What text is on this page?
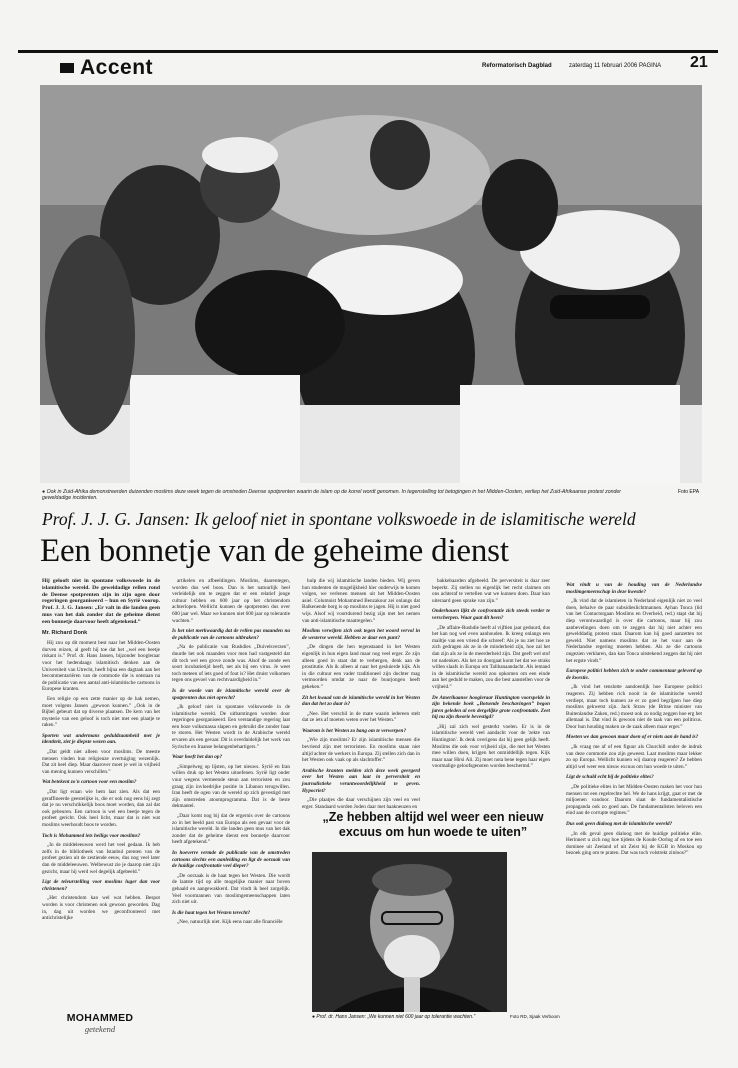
Accent	Reformatorisch Dagblad	zaterdag 11 februari 2006 PAGINA 21
● Ook in Zuid-Afrika demonstreerden duizenden moslims deze week tegen de omstreden Deense spotprenten waarin de islam op de korrel wordt genomen. In tegenstelling tot betogingen in het Midden-Oosten, verliep het Zuid-Afrikaanse protest zonder geweldadige incidenten.
Foto EPA
Prof. J. J. G. Jansen: Ik geloof niet in spontane volkswoede in de islamitische wereld
Een bonnetje van de geheime dienst

Hij gelooft niet in spontane volkswoede in de islamitische wereld. De geweldadige rellen rond de Deense spotprenten zijn in zijn ogen door regeringen georganiseerd – hun en Syrië voorop. Prof. J. J. G. Jansen: „Er valt in die landen geen mus van het dak zonder dat de geheime dienst een bonnetje daarvoor heeft afgetekend.”

Mr. Richard Donk

Hij zou op dit moment best naar het Midden-Oosten durven reizen, al geeft hij toe dat het „wel een beetje riskant is.” Prof. dr. Hans Jansen, bijzonder hoogleraar voor het hedendaags islamitisch denken aan de Universiteit van Utrecht, heeft bijna een dagtaak aan het becommentariëren van de commotie die is ontstaan na de publicatie van een aantal anti-islamitische cartoons in Europese kranten.

Een religie op een zette manier op de hak nemen, moet volgens Jansen „gewoon kunnen.” „Ook in de Bijbel gebeurt dat op diverse plaatsen. De kern van het mysterie van een geloof is toch niet met een plaatje te raken.”

Sporten wat andermans geduldzaamheid met je identiteit, ziet je diepste wezen aan.

„Dat geldt niet alleen voor moslims. De meeste mensen vinden hun religieuze overtuiging wezenlijk. Dat zit heel diep. Maar daarover moet je wel in vrijheid van mening kunnen verschillen.”

Wat betekent zo'n cartoon voor een moslim?

„Dat ligt eraan wie hem laat zien. Als dat een geraffineerde geestelijke is, die er ook nog eens bij zegt dat je nu verschrikkelijk boos moet worden, dan zal dat ook gebeuren. Een cartoon is wel een beetje tegen de profeet gericht. Ook heel licht, maar dat is niet wat moslims weerhoudt boos te worden.

Toch is Mohammed iets heiligs voor moslims?

„In de middeleeuwen werd het veel gedaan. Ik heb zelfs in de bibliotheek van Istanbul prenten van de profeet gezien uit de zestiende eeuw, dus nog veel later dan de middeleeuwen. Welbewust zie je daarop niet zijn gezicht, maar hij werd wel degelijk afgebeeld.”

Ligt de teleurstelling voor moslims luger dan voor christenen?

„Het christendom kan wel wat hebben. Bespot worden is voor christenen ook gewoon geworden. Dag in, dag uit worden we geconfronteerd met antichristelijke

artikelen en afbeeldingen. Moslims, daarentegen, worden dus wel boos. Dan is het natuurlijk heel verleidelijk om te zeggen dat er een relatief jonge cultuur hebben en 600 jaar op het christendom achterlopen. Wellicht kunnen de spotprenten dus over 600 jaar wel. Maar we kunnen niet 600 jaar op tolerantie wachten.”

Is het niet merkwaardig dat de rellen pas maanden na de publicatie van de cartoons uitbraken?

„Na de publicatie van Rushdies „Duivelsverzen”, duurde het ook maanden voor men had vastgesteld dat dit toch wel een grove zonde was. Alsof de zonde een soort incubatietijd heeft, net als bij een virus. Je weet toch meteen of iets goed of fout is? Het druist volkomen tegen ons gevoel van rechtvaardigheid in.”

Is de woede van de islamitische wereld over de spotprenten dus niet oprecht?

„Ik geloof niet in spontane volkswoede in de islamitische wereld. De uitbarstingen worden door regeringen georganiseerd. Een verstandige regering laat een boze volksmassa slapen en gebruikt die zonder haar te storen. Het Westen wordt in de Arabische wereld ervaren als een gevaar. Dit is overduidelijk het werk van Syrische en Iraanse belangenbehartigers.”

Waar hoeft het dan op?

„Simpelweg op lijsten, op het nieuws. Syrië en Iran willen druk op het Westen uitoefenen. Syrië ligt onder vuur wegens vermeende steun aan terroristen en zou graag zijn invloedrijke positie in Libanon terugwillen. Iran heeft de ogen van de wereld op zich gevestigd met zijn omstreden atoomprogramma. Dat is de beste dekmantel.

„Daar komt nog bij dat de ergernis over de cartoons zo in het beeld past van Europa als een gevaar voor de islamitische wereld. In die landen geen mus van het dak zonder dat de geheime dienst een bonnetje daarvoor heeft afgetekend.”

In hoeverre vermde de publicatie van de omstreden cartoons slechts een aanleiding en ligt de oorzaak van de huidige confrontatie veel dieper?

„De oorzaak is de haat tegen het Westen. Die wordt de laatste tijd op alle mogelijke manier naar boven gehaald en aangewakkerd. Dat vindt ik heel zorgelijk. Veel voormannen van moslimgemeenschappen laten zich niet uit.

Is die haat tegen het Westen terecht?

„Nee, natuurlijk niet. Kijk eens naar alle financiële

hulp die wij islamitische landen bieden. Wij geven hun studenten de mogelijkheid hier onderwijs te komen volgen, we verlenen mensen uit het Midden-Oosten asiel. Columnist Mohammed Benzakour zei onlangs dat Balkenende borg is op moslims te jagen. Hij is niet goed wijs. Alsof wij voortdurend bezig zijn met het nemen van anti-islamitische maatregelen.”

Moslims verwijten zich ook tegen het woord vervol in de westerse wereld. Hebben ze daar een punt?

„De dingen die hen tegenstaand in het Westen eigenlijk in hun eigen land maar nog veel erger. Ze zijn alleen goed in staat dat te verbergen, denk aan de prostitutie. Als ik alleen al naar het gesluierde kijk. Als in die cultuur een vader traditioneel zijn dochter mag vermoorden omdat ze naar de buurjongen heeft gekeken.”

Zit het kwaad van de islamitische wereld in het Westen dan dat het zo daar is?

„Nee. Het verschil in de mate waarin iedereen stelt dat ze iets af moeten weten over het Westen.”

Waarom is het Westen zo bang om te verwerpen?

„Wie zijn moslims? Er zijn islamitische mensen die bevriend zijn met terroristen. En moslims staan niet altijd achter de werkers in Europa. Zij stellen zich dan in het Westen ook vaak op als slachtoffer.”

Arabische kranten melden zich deze week geergerd over het Westen aan laat in perversiteit en journalistieke verantwoordelijkheid te geven. Hypocriet?

„Die plaatjes die daar verschijnen zijn veel en veel erger. Standaard worden Joden daar met haakneuzen en

bakkebaarden afgebeeld. De perversiteit is daar zeer beperkt. Zij stellen nu eigenlijk het recht claimen om ons achteraf te vertellen wat we kunnen doen. Daar kun uiteraard geen sprake van zijn.”

Onderhouen lijkt de confrontatie zich steeds verder te verscherpen. Waar gaat dit heen?

„De affaire-Rushdie heeft al vijftien jaar geduurd, dus het kan nog wel even aanhouden. Ik kreeg onlangs een mailtje van een vriend die schreef: Als je nu ziet hoe ze zich gedragen als ze in de minderheid zijn, hoe zal het dan zijn als ze in de meerderheid zijn. Dat geeft wel stof tot nadenken. Als het zo doorgaat komt het dat we straks willen slaafs in Europa om Talibanaandacht. Als iemand in de islamitische wereld zou opkomen om een einde aan het geduld te maken, zou die best aanstellen voor de vrijheid.”

De Amerikaanse hoogleraar Huntington voorspelde in zijn bekende boek „Botsende beschavingen” begon jaren geleden al een dergelijke grote confrontatie. Zeet hij nu zijn theorie bevestigd?

„Hij zal zich wel gesterkt voelen. Er is in de islamitische wereld veel aandacht voor de 'zekte van Huntington'. Ik denk overigens dat hij geen gelijk heeft. Moslims die ook voor vrijheid zijn, die met het Westen mee willen doen, krijgen het onmiddellijk tegen. Kijk maar naar Hirsi Ali. Zij moet nota bene tegen haar eigen voormalige geloofsgenoten worden beschermd.”

Wat vindt u van de houding van de Nederlandse moslimgemeenschap in deze kwestie?

„Ik vind dat de islamieten in Nederland eigenlijk niet zo veel doen, behalve de paar subsidieslichtmannen. Ayhan Tonca (lid van het Contactorgaan Moslims en Overheid, red.) stapt dat hij diep verontwaardigd is over die cartoons, maar hij zou aanbevelingen doen om te zeggen dat hij niet achter een gewelddadig protest staat. Daarom kan hij goed aanzetten tot geweld. Niet namens moslims dat ze het vuur aan de Nederlandse regering moeten hebben. Als ze die cartoons ongezien verklaren, dan kan Tonca uitstekend zeggen dat hij niet het ergste vindt.”

Europese politici hebben zich te onder commentaar geleverd op de kwestie.

„Ik vind het tenslotte aandoenlijk hoe Europese politici reageren. Zij hebben rich nooit in de islamitische wereld verdiept, maar toch kunnen ze er zo goed begrijpen hoe diep moslims gekwetst zijn. Jack Straw (de Britse minister van Buitenlandse Zaken, red.) moest ook zo nodig zeggen hoe erg het allemaal is. Dat vind ik gewoon niet de taak van een politicus. Door hun houding maken ze de zaak alleen maar erger.”

Moeten we dan gewoon maar doen of er niets aan de hand is?

„Ik vraag me af of een figuur als Churchill onder de indruk van deze commotie zou zijn geweest. Laat moslims maar lekker zo op Europa. Wellicht kunnen wij daarop reageren? Ze hebben altijd wel weer een nieuw excuus om hun woede te uiten.”

Ligt de schuld echt bij de politieke elites?

„De politieke elites in het Midden-Oosten maken het voor hun mensen tot een regelrechte hel. We de hans krijgt, gaat er met de miljoenen vandoor. Daarom slaat de fundamentalistische propaganda ook zo goed aan. De fundamentalisten beloven een eind aan de corrupte regimes.”

Dus ook geen dialoog met de islamitische wereld?

„In elk geval geen dialoog met de huidige politieke elite. Herinnert u zich nog hoe tijdens de Koude Oorlog af en toe een dominee uit Zeeland of uit Zeist bij de KGB in Moskou op bezoek ging om te praten. Dat was toch volstrekt zinloos?”

„Ze hebben altijd wel weer een nieuw excuus om hun woede te uiten”
● Prof. dr. Hans Jansen: „We kunnen niet 600 jaar op tolerantie wachten.”	Foto RD, Sjaak Verboom
MOHAMMED
getekend
